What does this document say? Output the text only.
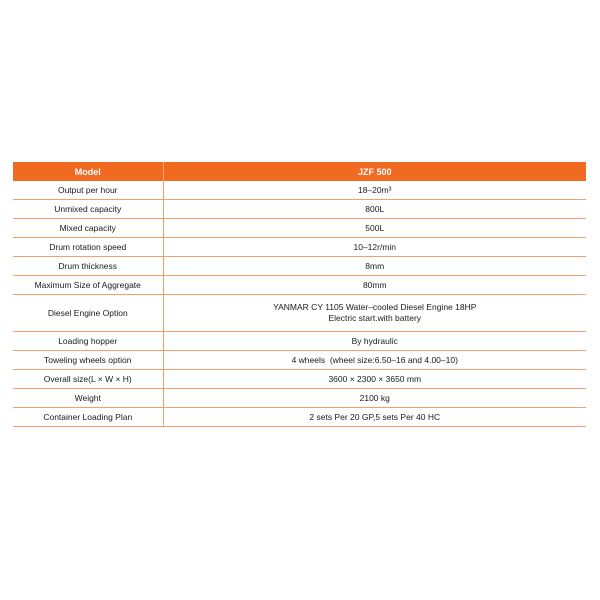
Model	JZF 500
Output per hour	18–20m³
Unmixed capacity	800L
Mixed capacity	500L
Drum rotation speed	10–12r/min
Drum thickness	8mm
Maximum Size of Aggregate	80mm
Diesel Engine Option	YANMAR CY 1105 Water–cooled Diesel Engine 18HP
Electric start.with battery

Loading hopper	By hydraulic
Toweling wheels option	4 wheels  (wheel size:6.50–16 and 4.00–10)
Overall size(L × W × H)	3600 × 2300 × 3650 mm
Weight	2100 kg
Container Loading Plan	2 sets Per 20 GP,5 sets Per 40 HC
